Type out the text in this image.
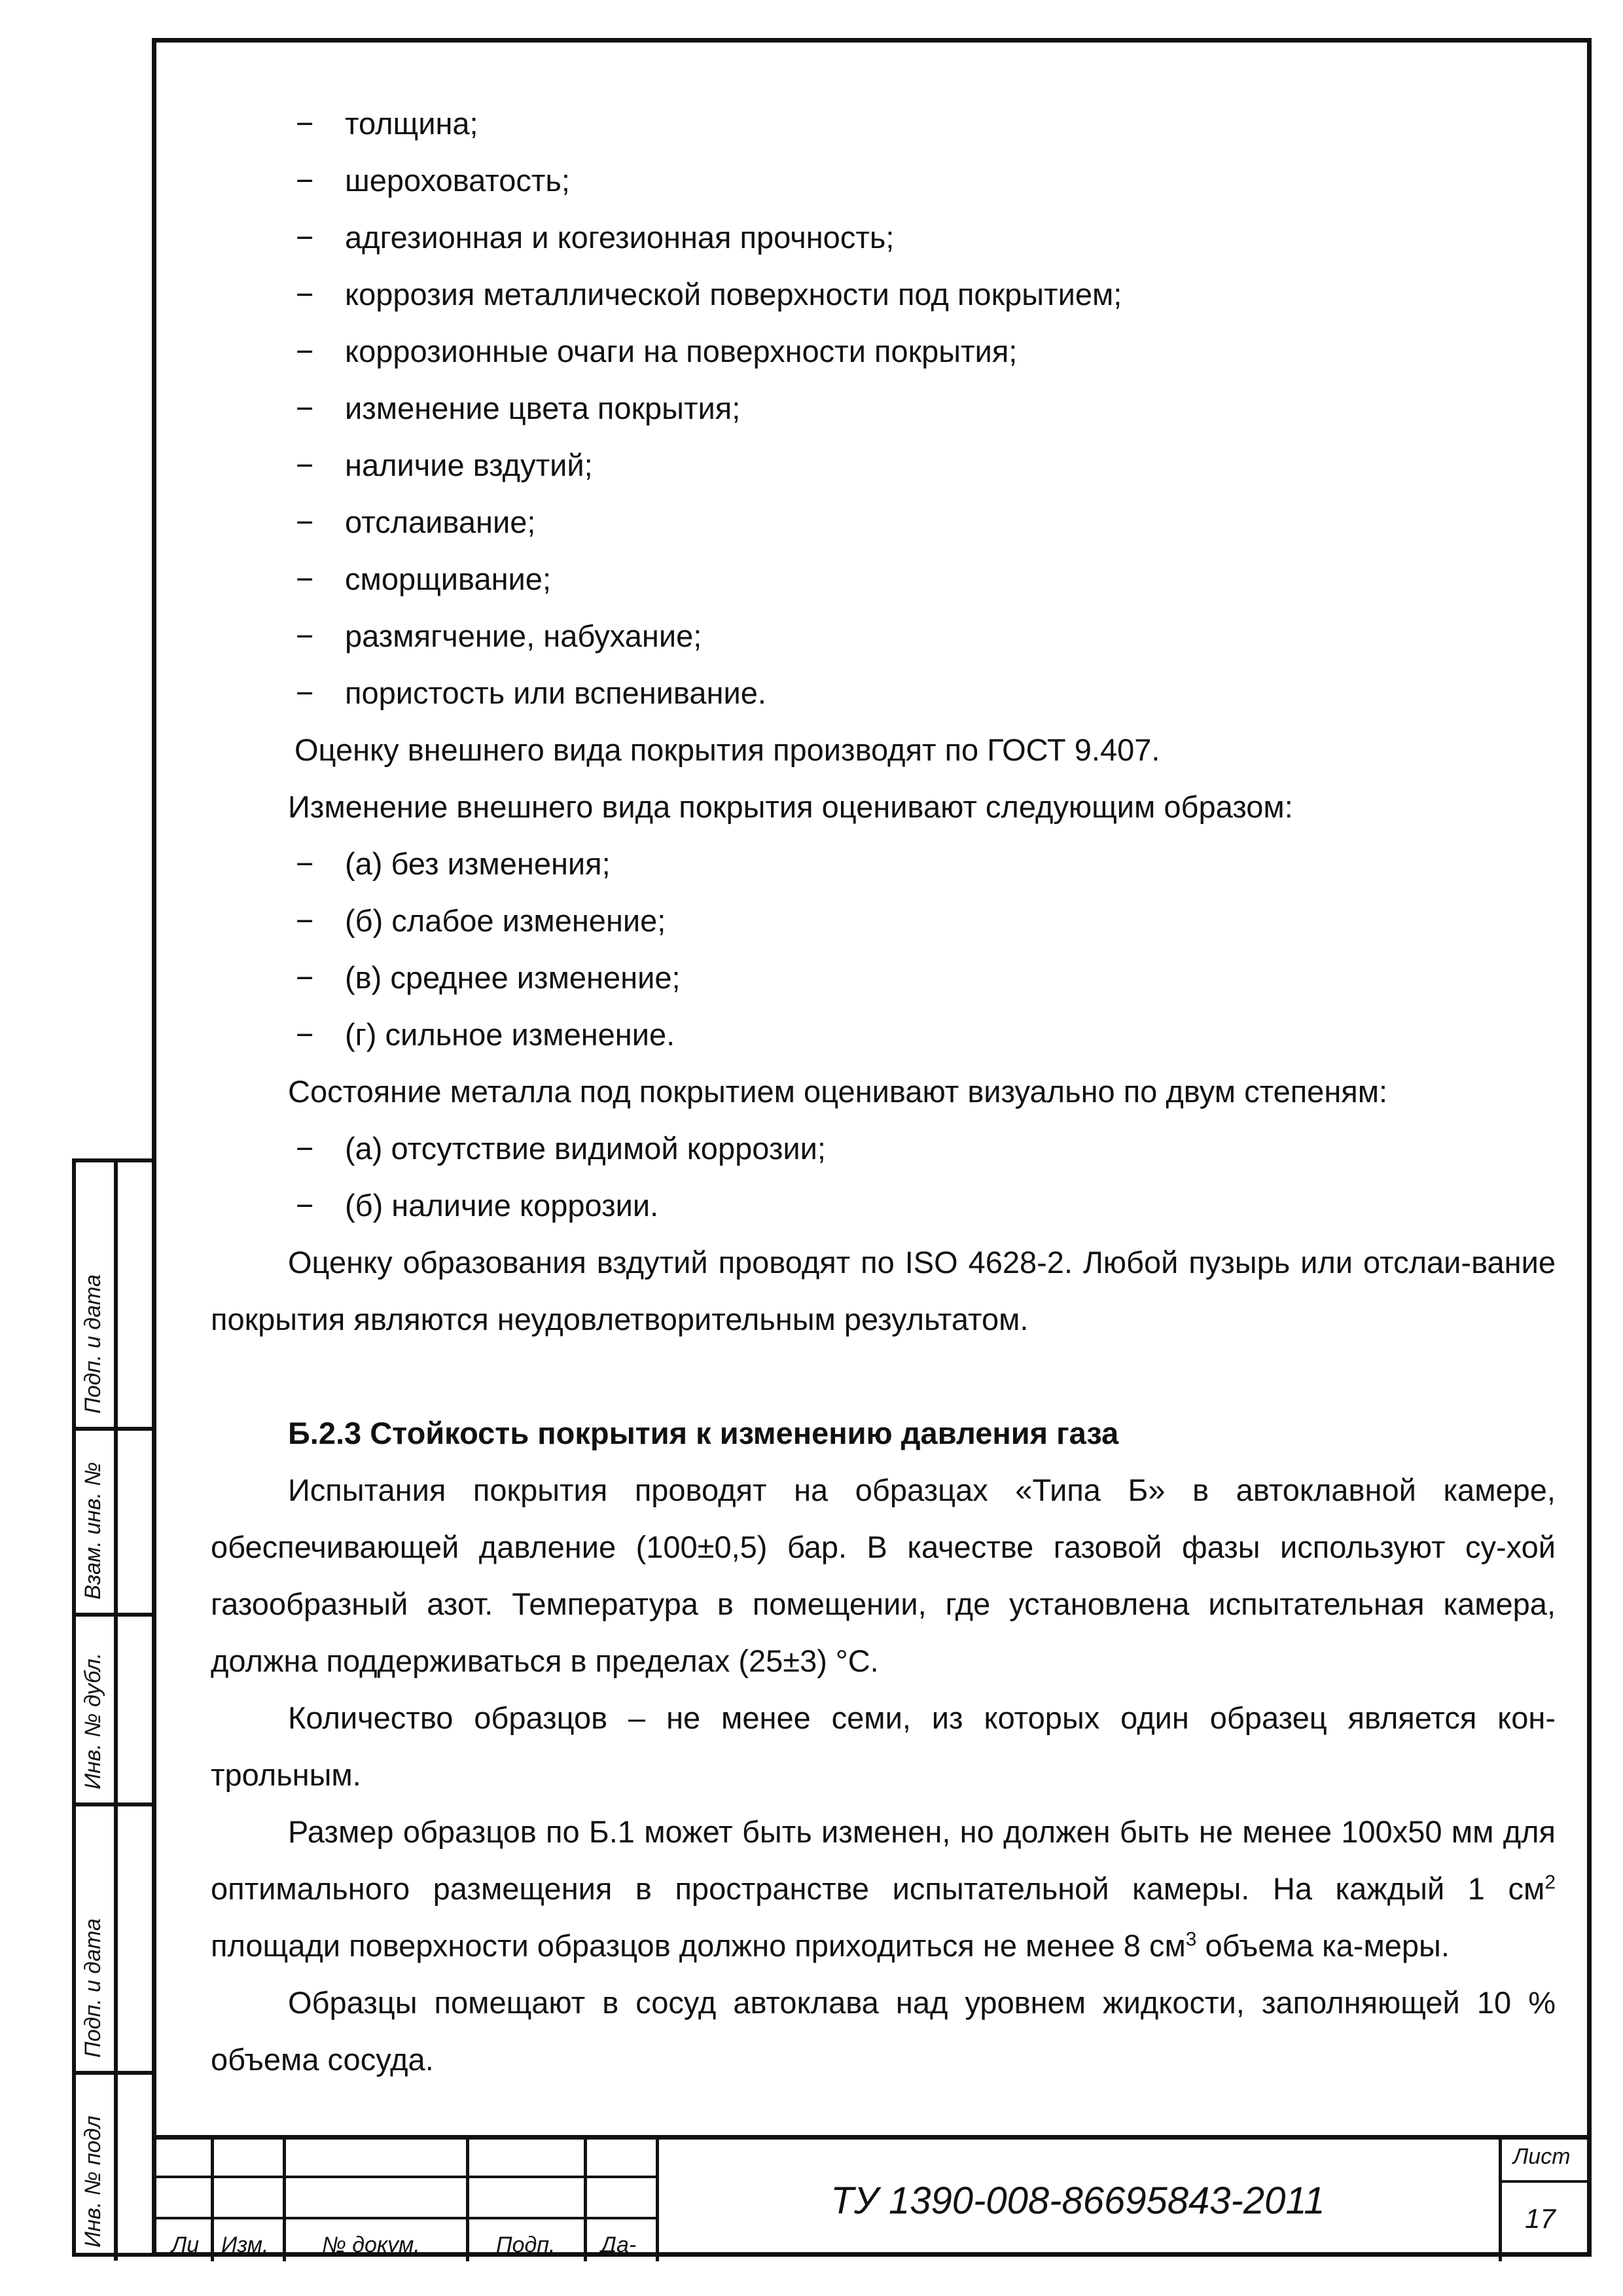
− толщина;

− шероховатость;

− адгезионная и когезионная прочность;

− коррозия металлической поверхности под покрытием;

− коррозионные очаги на поверхности покрытия;

− изменение цвета покрытия;

− наличие вздутий;

− отслаивание;

− сморщивание;

− размягчение, набухание;

− пористость или вспенивание.

Оценку внешнего вида покрытия производят по ГОСТ 9.407.

Изменение внешнего вида покрытия оценивают следующим образом:

− (а) без изменения;

− (б) слабое изменение;

− (в) среднее изменение;

− (г) сильное изменение.

Состояние металла под покрытием оценивают визуально по двум степеням:

− (а) отсутствие видимой коррозии;

− (б) наличие коррозии.

Оценку образования вздутий проводят по ISO 4628-2. Любой пузырь или отслаи-вание покрытия являются неудовлетворительным результатом.

Б.2.3 Стойкость покрытия к изменению давления газа

Испытания покрытия проводят на образцах «Типа Б» в автоклавной камере, обеспечивающей давление (100±0,5) бар. В качестве газовой фазы используют су-хой газообразный азот. Температура в помещении, где установлена испытательная камера, должна поддерживаться в пределах (25±3) °С.

Количество образцов – не менее семи, из которых один образец является кон-трольным.

Размер образцов по Б.1 может быть изменен, но должен быть не менее 100х50 мм для оптимального размещения в пространстве испытательной камеры. На каждый 1 $см^2$ площади поверхности образцов должно приходиться не менее 8 $см^3$ объема ка-меры.

Образцы помещают в сосуд автоклава над уровнем жидкости, заполняющей 10 % объема сосуда.

Подп. и дата
Взам. инв. №
Инв. № дубл.
Подп. и дата
Инв. № подл	Ли Изм. № докум.	Подп. Да-
ТУ 1390-008-86695843-2011
Лист
17
